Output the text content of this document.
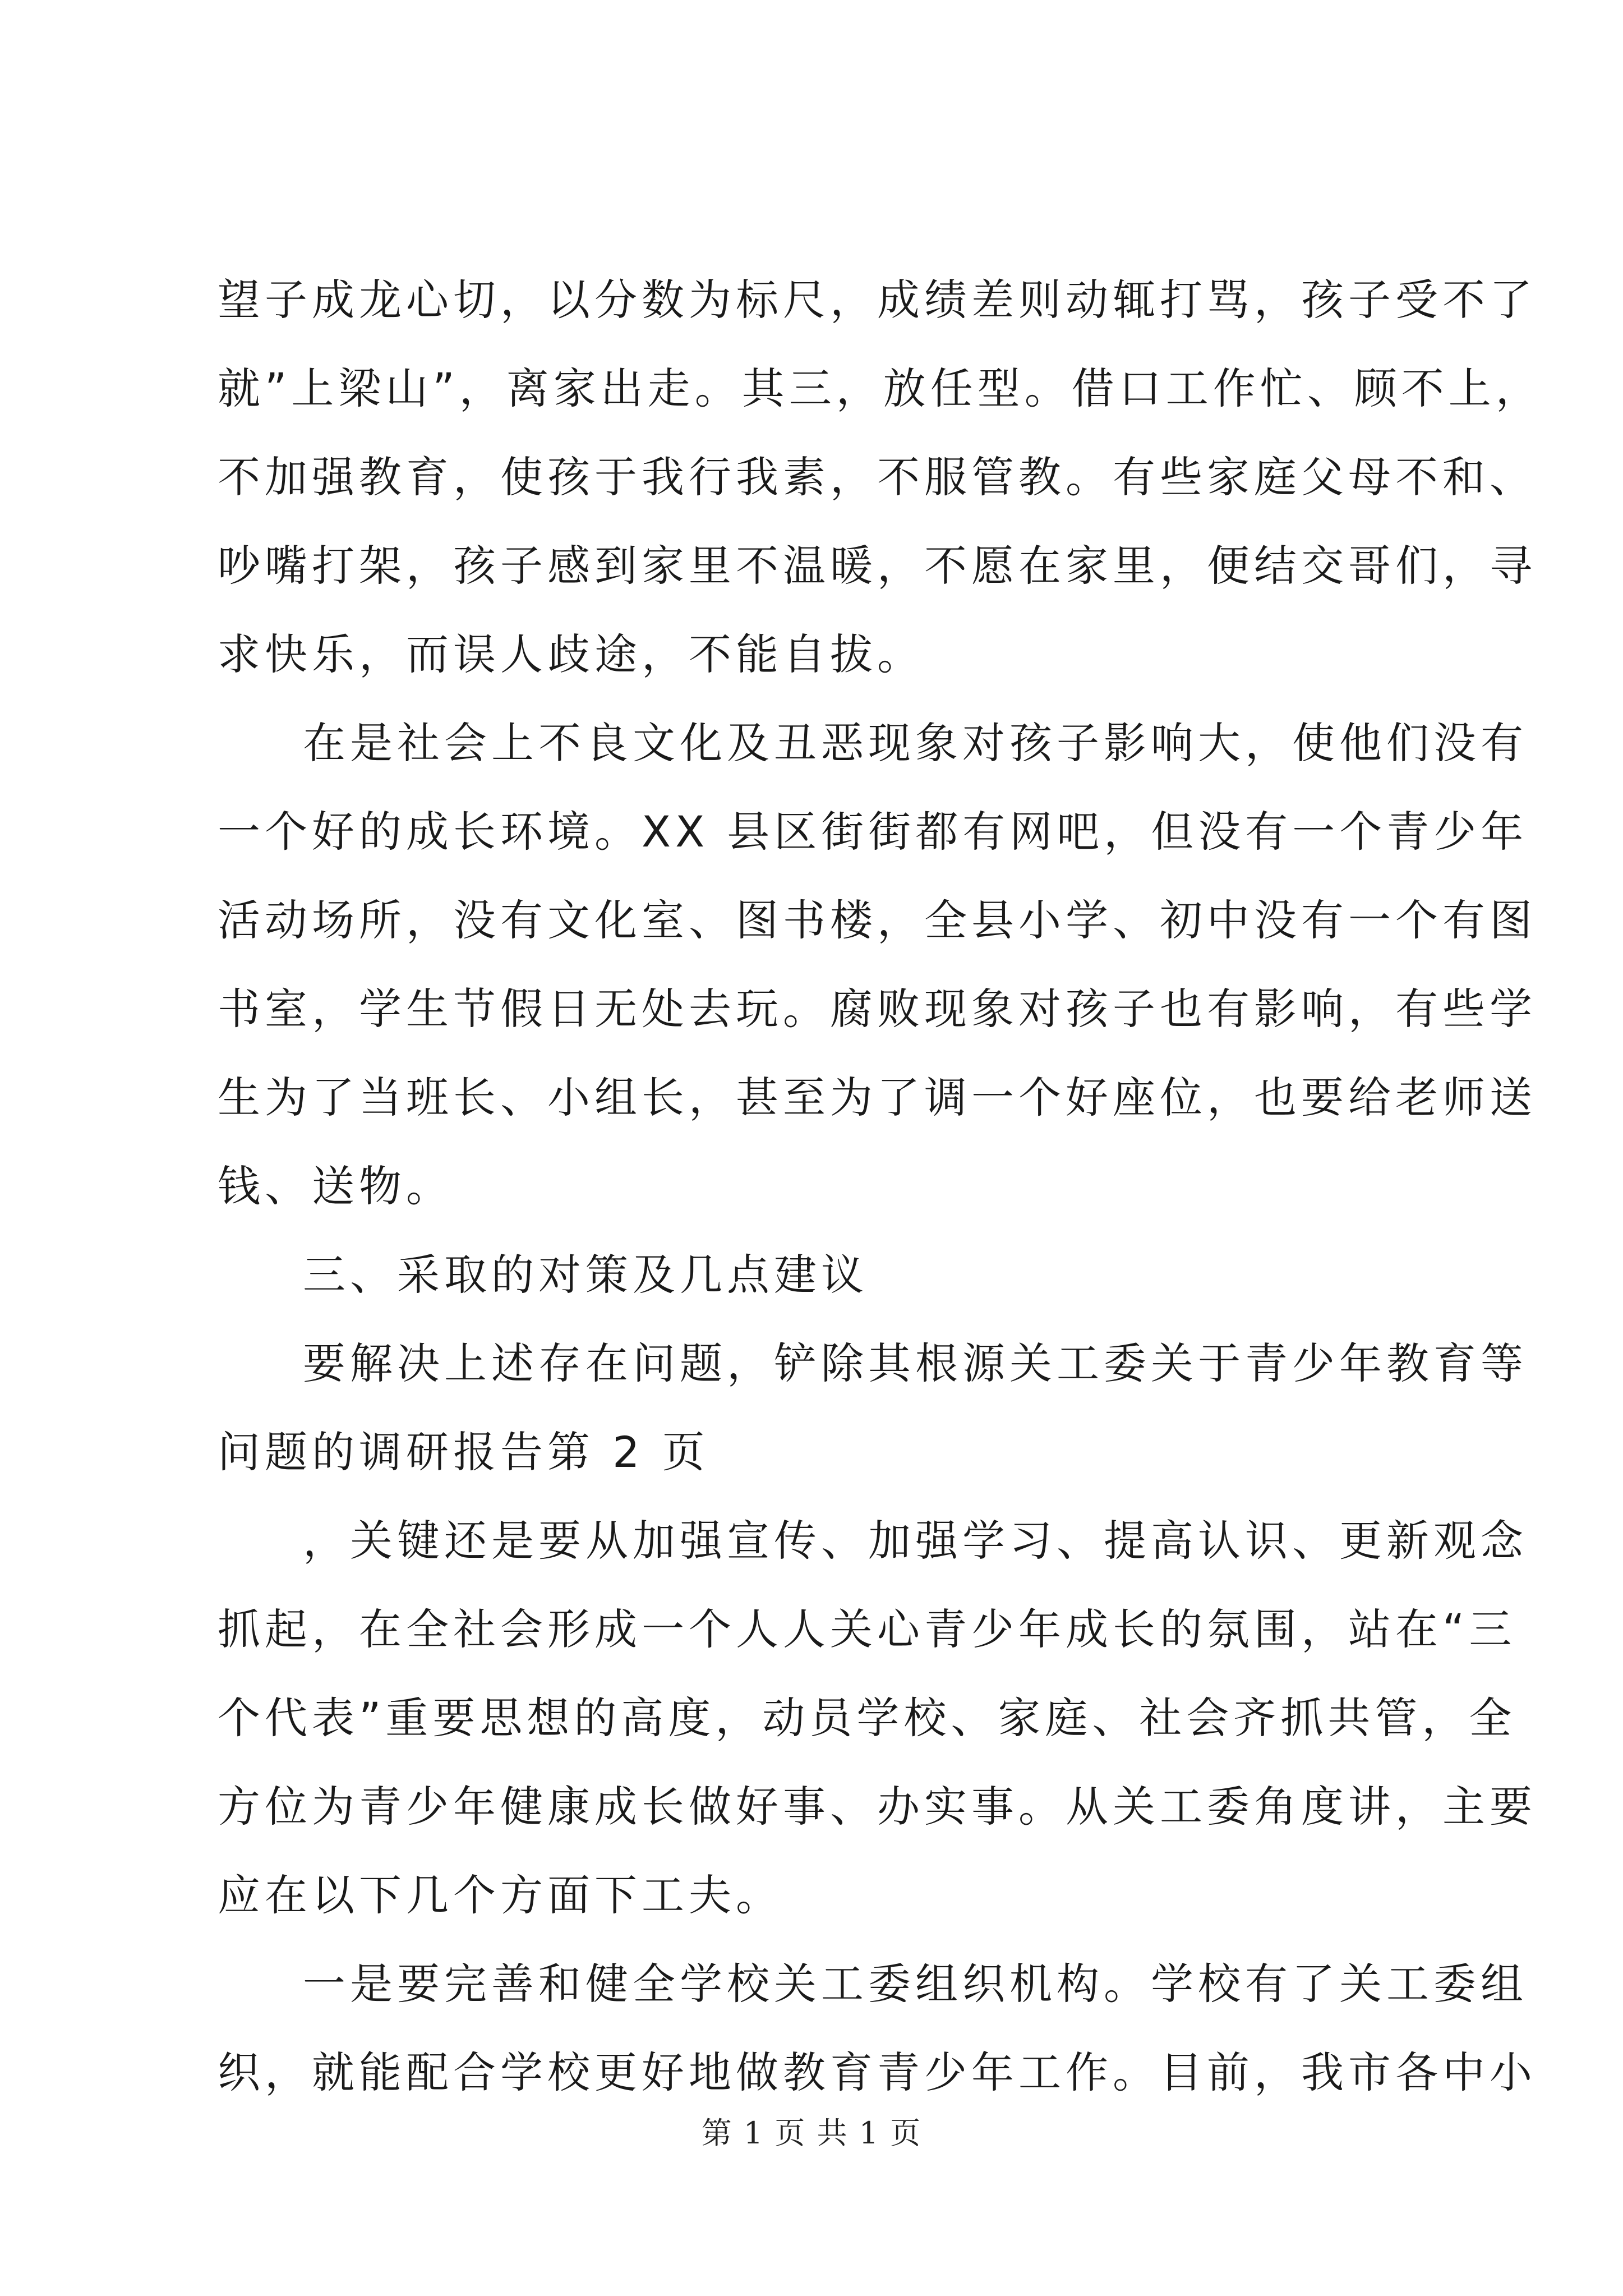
望子成龙心切，以分数为标尺，成绩差则动辄打骂，孩子受不了
就”上梁山”，离家出走。其三，放任型。借口工作忙、顾不上，
不加强教育，使孩于我行我素，不服管教。有些家庭父母不和、
吵嘴打架，孩子感到家里不温暖，不愿在家里，便结交哥们，寻
求快乐，而误人歧途，不能自拔。
在是社会上不良文化及丑恶现象对孩子影响大，使他们没有
一个好的成长环境。XX 县区街街都有网吧，但没有一个青少年
活动场所，没有文化室、图书楼，全县小学、初中没有一个有图
书室，学生节假日无处去玩。腐败现象对孩子也有影响，有些学
生为了当班长、小组长，甚至为了调一个好座位，也要给老师送
钱、送物。
三、采取的对策及几点建议
要解决上述存在问题，铲除其根源关工委关于青少年教育等
问题的调研报告第 2 页
，关键还是要从加强宣传、加强学习、提高认识、更新观念
抓起，在全社会形成一个人人关心青少年成长的氛围，站在“三
个代表”重要思想的高度，动员学校、家庭、社会齐抓共管，全
方位为青少年健康成长做好事、办实事。从关工委角度讲，主要
应在以下几个方面下工夫。
一是要完善和健全学校关工委组织机构。学校有了关工委组
织，就能配合学校更好地做教育青少年工作。目前，我市各中小
第 1 页 共 1 页
